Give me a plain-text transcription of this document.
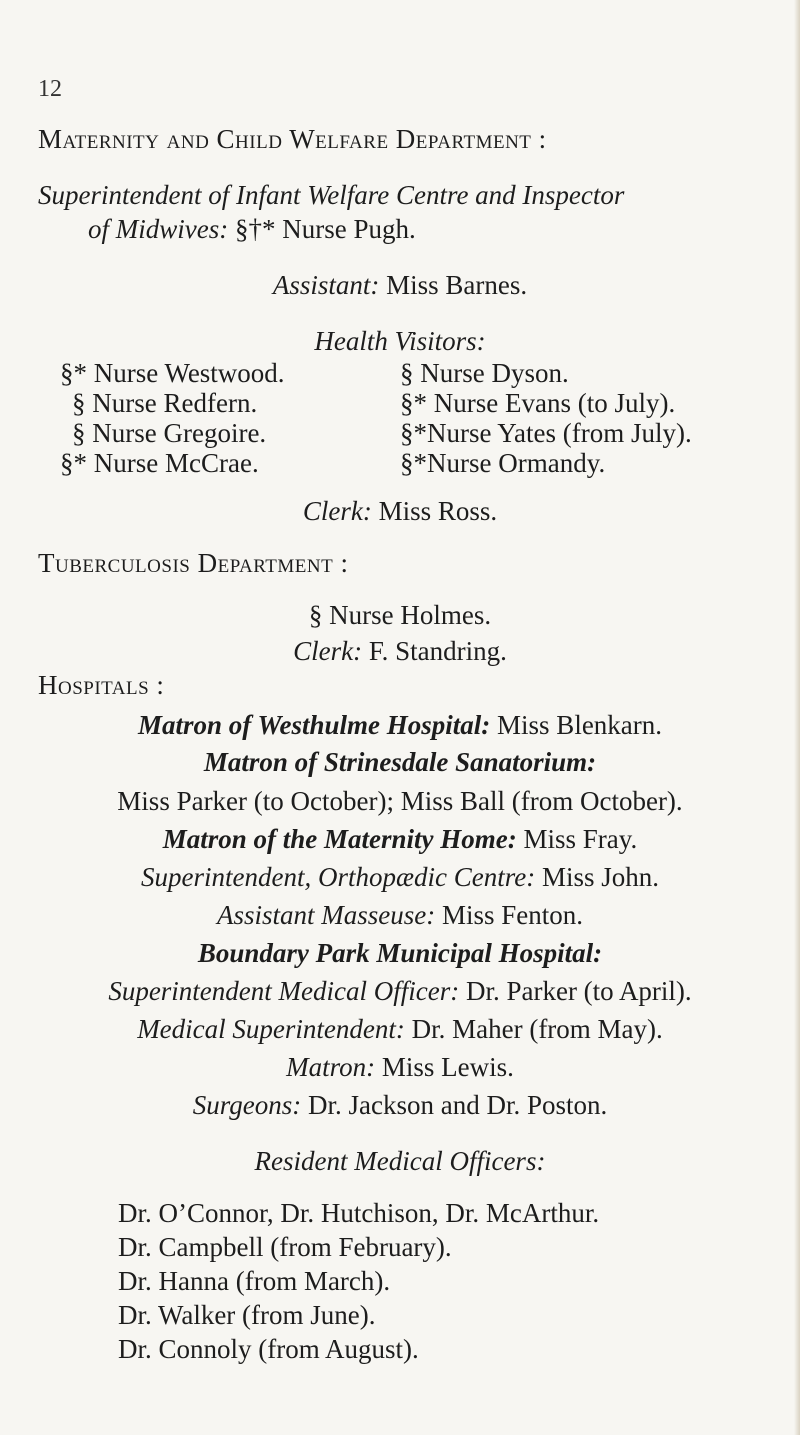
12
Maternity and Child Welfare Department :
Superintendent of Infant Welfare Centre and Inspector
of Midwives: §†* Nurse Pugh.
Assistant: Miss Barnes.
Health Visitors:
§* Nurse Westwood.
§ Nurse Redfern.
§ Nurse Gregoire.
§* Nurse McCrae.
§ Nurse Dyson.
§* Nurse Evans (to July).
§*Nurse Yates (from July).
§*Nurse Ormandy.
Clerk: Miss Ross.
Tuberculosis Department :
§ Nurse Holmes.
Clerk: F. Standring.
Hospitals :
Matron of Westhulme Hospital: Miss Blenkarn.
Matron of Strinesdale Sanatorium:
Miss Parker (to October); Miss Ball (from October).
Matron of the Maternity Home: Miss Fray.
Superintendent, Orthopædic Centre: Miss John.
Assistant Masseuse: Miss Fenton.
Boundary Park Municipal Hospital:
Superintendent Medical Officer: Dr. Parker (to April).
Medical Superintendent: Dr. Maher (from May).
Matron: Miss Lewis.
Surgeons: Dr. Jackson and Dr. Poston.
Resident Medical Officers:
Dr. O’Connor, Dr. Hutchison, Dr. McArthur.
Dr. Campbell (from February).
Dr. Hanna (from March).
Dr. Walker (from June).
Dr. Connoly (from August).
